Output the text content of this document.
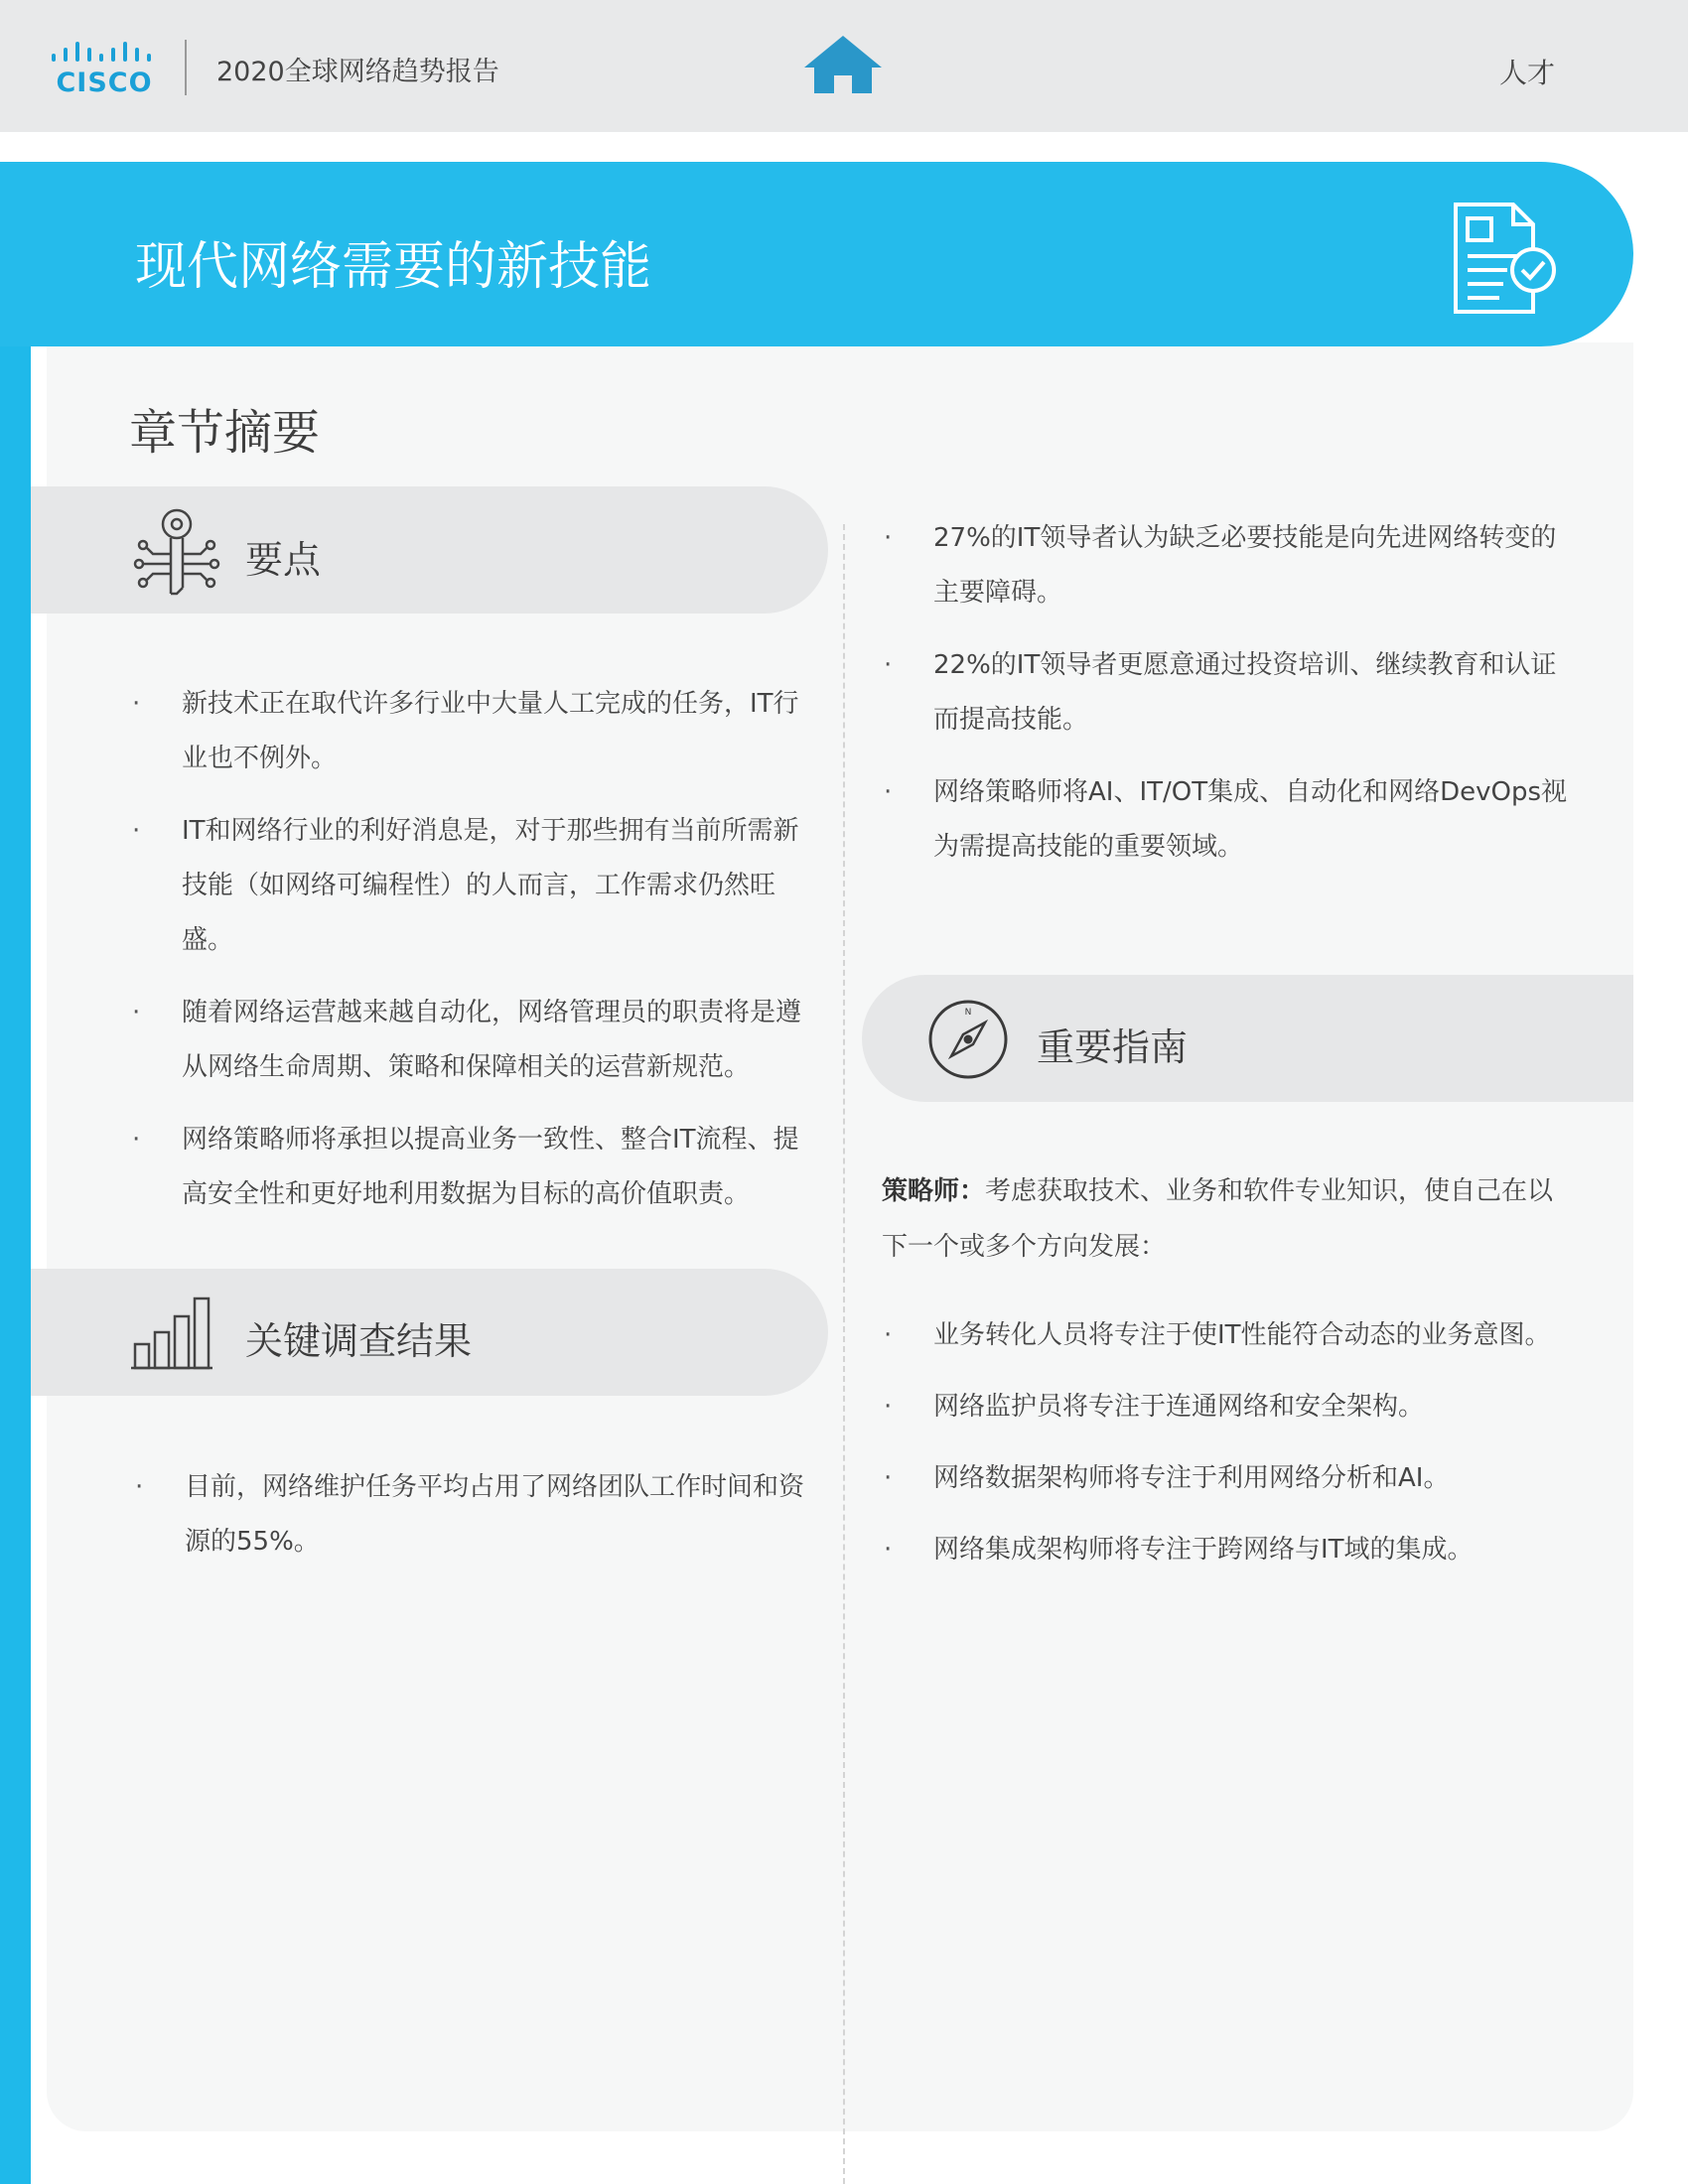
CISCO 2020全球网络趋势报告	人才
现代网络需要的新技能
章节摘要
要点
· 新技术正在取代许多行业中大量人工完成的任务，IT行业也不例外。
· IT和网络行业的利好消息是，对于那些拥有当前所需新技能（如网络可编程性）的人而言，工作需求仍然旺盛。
· 随着网络运营越来越自动化，网络管理员的职责将是遵从网络生命周期、策略和保障相关的运营新规范。
· 网络策略师将承担以提高业务一致性、整合IT流程、提高安全性和更好地利用数据为目标的高价值职责。
关键调查结果
· 目前，网络维护任务平均占用了网络团队工作时间和资源的55%。
· 27%的IT领导者认为缺乏必要技能是向先进网络转变的主要障碍。
· 22%的IT领导者更愿意通过投资培训、继续教育和认证而提高技能。
· 网络策略师将AI、IT/OT集成、自动化和网络DevOps视为需提高技能的重要领域。
N
重要指南
策略师：考虑获取技术、业务和软件专业知识，使自己在以下一个或多个方向发展：
· 业务转化人员将专注于使IT性能符合动态的业务意图。
· 网络监护员将专注于连通网络和安全架构。
· 网络数据架构师将专注于利用网络分析和AI。
· 网络集成架构师将专注于跨网络与IT域的集成。
